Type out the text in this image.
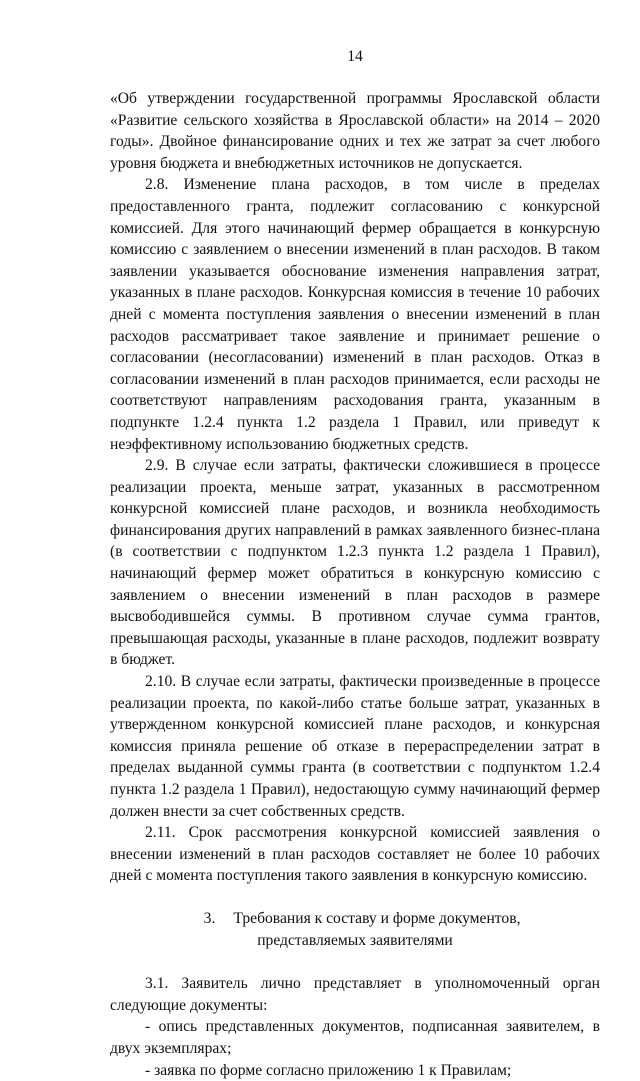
14

«Об утверждении государственной программы Ярославской области «Развитие сельского хозяйства в Ярославской области» на 2014 – 2020 годы». Двойное финансирование одних и тех же затрат за счет любого уровня бюджета и внебюджетных источников не допускается.

2.8. Изменение плана расходов, в том числе в пределах предоставленного гранта, подлежит согласованию с конкурсной комиссией. Для этого начинающий фермер обращается в конкурсную комиссию с заявлением о внесении изменений в план расходов. В таком заявлении указывается обоснование изменения направления затрат, указанных в плане расходов. Конкурсная комиссия в течение 10 рабочих дней с момента поступления заявления о внесении изменений в план расходов рассматривает такое заявление и принимает решение о согласовании (несогласовании) изменений в план расходов. Отказ в согласовании изменений в план расходов принимается, если расходы не соответствуют направлениям расходования гранта, указанным в подпункте 1.2.4 пункта 1.2 раздела 1 Правил, или приведут к неэффективному использованию бюджетных средств.

2.9. В случае если затраты, фактически сложившиеся в процессе реализации проекта, меньше затрат, указанных в рассмотренном конкурсной комиссией плане расходов, и возникла необходимость финансирования других направлений в рамках заявленного бизнес-плана (в соответствии с подпунктом 1.2.3 пункта 1.2 раздела 1 Правил), начинающий фермер может обратиться в конкурсную комиссию с заявлением о внесении изменений в план расходов в размере высвободившейся суммы. В противном случае сумма грантов, превышающая расходы, указанные в плане расходов, подлежит возврату в бюджет.

2.10. В случае если затраты, фактически произведенные в процессе реализации проекта, по какой-либо статье больше затрат, указанных в утвержденном конкурсной комиссией плане расходов, и конкурсная комиссия приняла решение об отказе в перераспределении затрат в пределах выданной суммы гранта (в соответствии с подпунктом 1.2.4 пункта 1.2 раздела 1 Правил), недостающую сумму начинающий фермер должен внести за счет собственных средств.

2.11. Срок рассмотрения конкурсной комиссией заявления о внесении изменений в план расходов составляет не более 10 рабочих дней с момента поступления такого заявления в конкурсную комиссию.

3. Требования к составу и форме документов,
представляемых заявителями

3.1. Заявитель лично представляет в уполномоченный орган следующие документы:

- опись представленных документов, подписанная заявителем, в двух экземплярах;

- заявка по форме согласно приложению 1 к Правилам;
